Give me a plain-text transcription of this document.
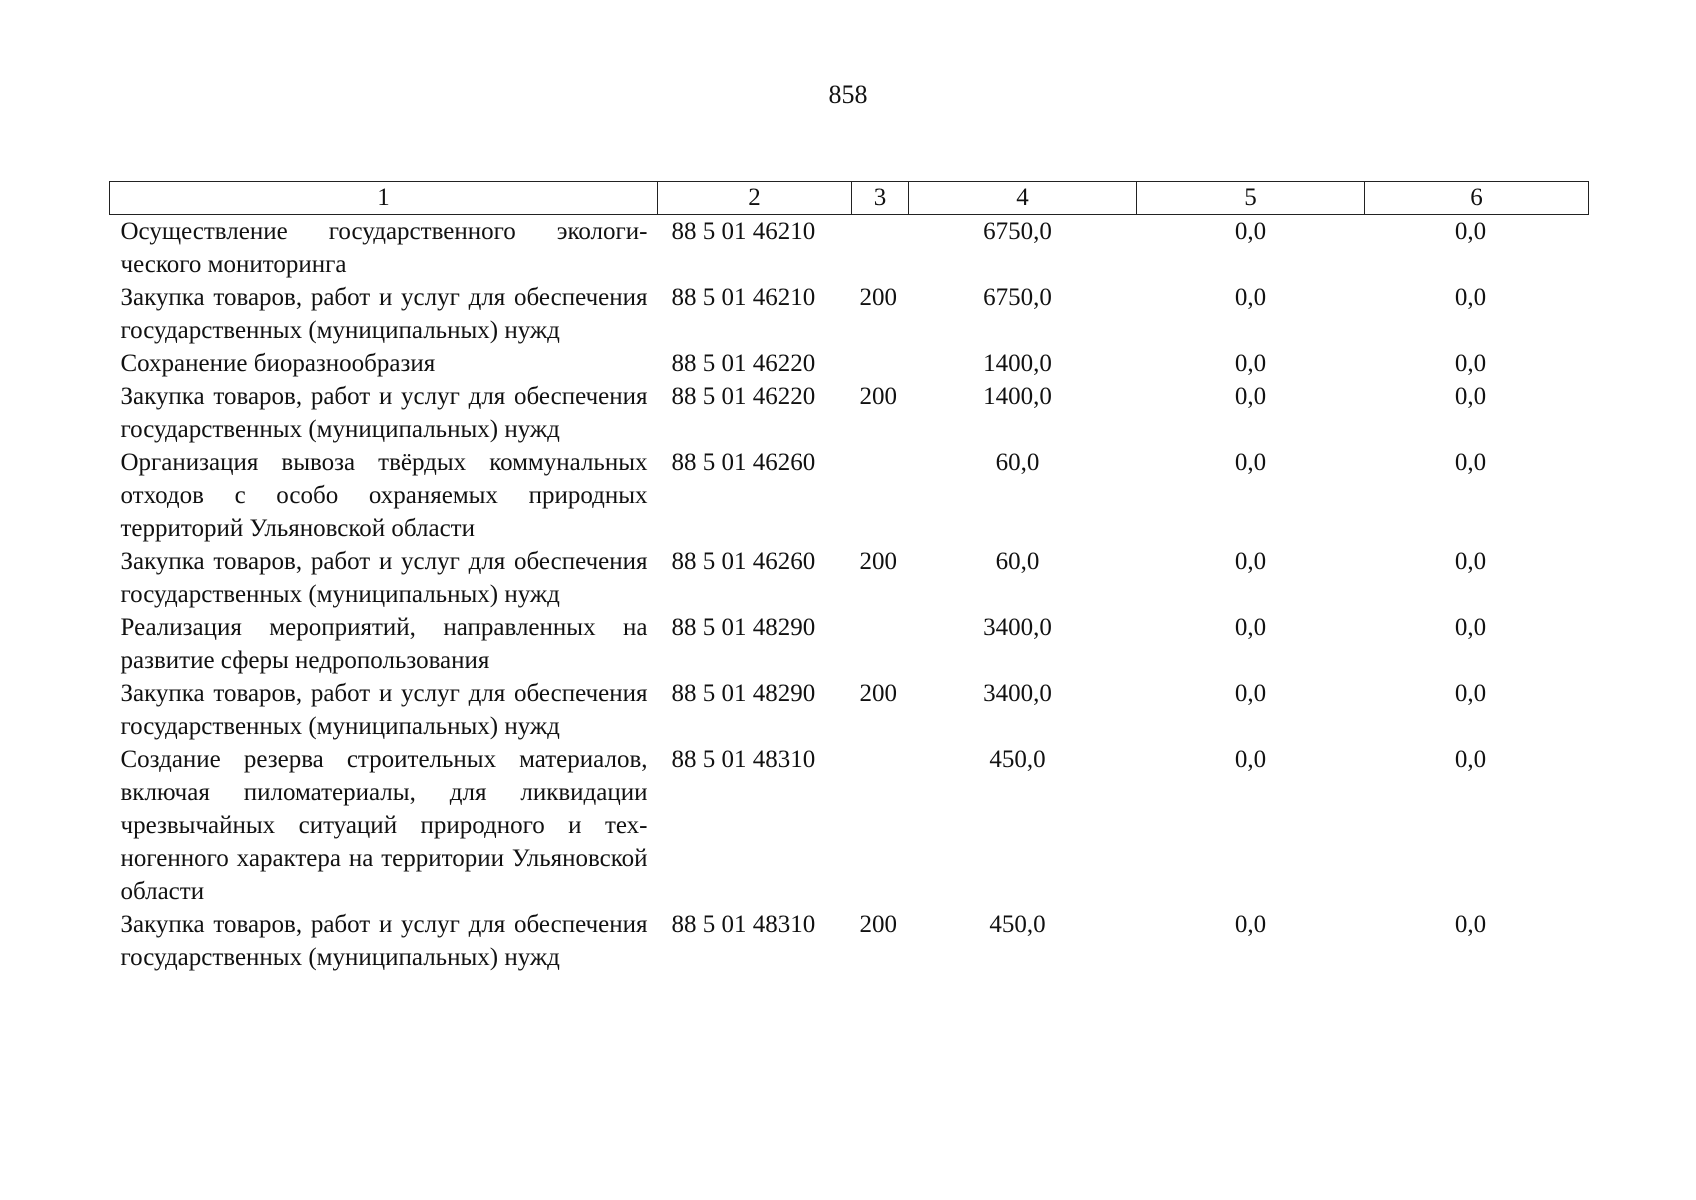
858
1	2	3	4	5	6
Осуществление государственного экологического мониторинга	88 5 01 46210		6750,0	0,0	0,0
Закупка товаров, работ и услуг для обеспечения государственных (муниципальных) нужд	88 5 01 46210	200	6750,0	0,0	0,0
Сохранение биоразнообразия	88 5 01 46220		1400,0	0,0	0,0
Закупка товаров, работ и услуг для обеспечения государственных (муниципальных) нужд	88 5 01 46220	200	1400,0	0,0	0,0
Организация вывоза твёрдых коммунальных отходов с особо охраняемых природных территорий Ульяновской области	88 5 01 46260		60,0	0,0	0,0
Закупка товаров, работ и услуг для обеспечения государственных (муниципальных) нужд	88 5 01 46260	200	60,0	0,0	0,0
Реализация мероприятий, направленных на развитие сферы недропользования	88 5 01 48290		3400,0	0,0	0,0
Закупка товаров, работ и услуг для обеспечения государственных (муниципальных) нужд	88 5 01 48290	200	3400,0	0,0	0,0
Создание резерва строительных материалов, включая пиломатериалы, для ликвидации чрезвычайных ситуаций природного и техногенного характера на территории Ульяновской области	88 5 01 48310		450,0	0,0	0,0
Закупка товаров, работ и услуг для обеспечения государственных (муниципальных) нужд	88 5 01 48310	200	450,0	0,0	0,0
